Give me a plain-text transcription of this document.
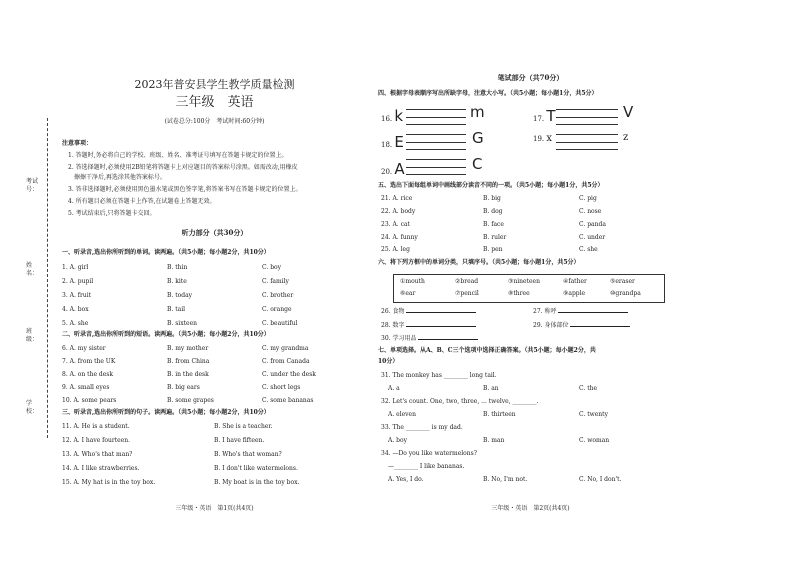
考试号：
姓名：
班级：
学校：
2023年普安县学生教学质量检测
三年级　 英语
(试卷总分:100分　考试时间:60分钟)
注意事项：
1. 答题时,务必将自己的学校、班级、姓名、准考证号填写在答题卡规定的位置上。
2. 答选择题时,必须使用2B铅笔将答题卡上对应题目的答案标号涂黑。如需改动,用橡皮
　擦擦干净后,再选涂其他答案标号。
3. 答非选择题时,必须使用黑色墨水笔或黑色签字笔,将答案书写在答题卡规定的位置上。
4. 所有题目必须在答题卡上作答,在试题卷上答题无效。
5. 考试结束后,只将答题卡交回。
听力部分（共30分）
一、听录音,选出你所听到的单词。读两遍。（共5小题；每小题2分，共10分）
1. A. girl	B. thin	C. boy
2. A. pupil	B. kite	C. family
3. A. fruit	B. today	C. brother
4. A. box	B. tail	C. orange
5. A. she	B. sixteen	C. beautiful
二、听录音,选出你所听到的短语。读两遍。（共5小题；每小题2分，共10分）
6. A. my sister	B. my mother	C. my grandma
7. A. from the UK	B. from China	C. from Canada
8. A. on the desk	B. in the desk	C. under the desk
9. A. small eyes	B. big ears	C. short legs
10. A. some pears	B. some grapes	C. some bananas
三、听录音,选出你所听到的句子。读两遍。（共5小题；每小题2分，共10分）
11. A. He is a student.	B. She is a teacher.
12. A. I have fourteen.	B. I have fifteen.
13. A. Who's that man?	B. Who's that woman?
14. A. I like strawberries.	B. I don't like watermelons.
15. A. My hat is in the toy box.	B. My boat is in the toy box.
三年级・英语　第1页(共4页)
笔试部分（共70分）
四、根据字母表顺序写出所缺字母，注意大小写。（共5小题；每小题1分，共5分）
16. k	m	17. T	V
18. E	G	19. x	z
20. A	C
五、选出下面每组单词中画线部分读音不同的一项。（共5小题；每小题1分，共5分）
21. A. rice	B. big	C. pig
22. A. body	B. dog	C. nose
23. A. cat	B. face	C. panda
24. A. funny	B. ruler	C. under
25. A. leg	B. pen	C. she
六、将下列方框中的单词分类，只填序号。（共5小题；每小题1分，共5分）
①mouth	②bread	③nineteen	④father	⑤eraser
⑥ear	⑦pencil	⑧three	⑨apple	⑩grandpa
26. 食物	27. 称呼
28. 数字	29. 身体部位
30. 学习用品
七、单项选择。从A、B、C三个选项中选择正确答案。（共5小题；每小题2分，共
10分）
31. The monkey has ________ long tail.
A. a	B. an	C. the
32. Let's count. One, two, three, ... twelve, ________.
A. eleven	B. thirteen	C. twenty
33. The ________ is my dad.
A. boy	B. man	C. woman
34. —Do you like watermelons?
—________ I like bananas.
A. Yes, I do.	B. No, I'm not.	C. No, I don't.
三年级・英语　第2页(共4页)
